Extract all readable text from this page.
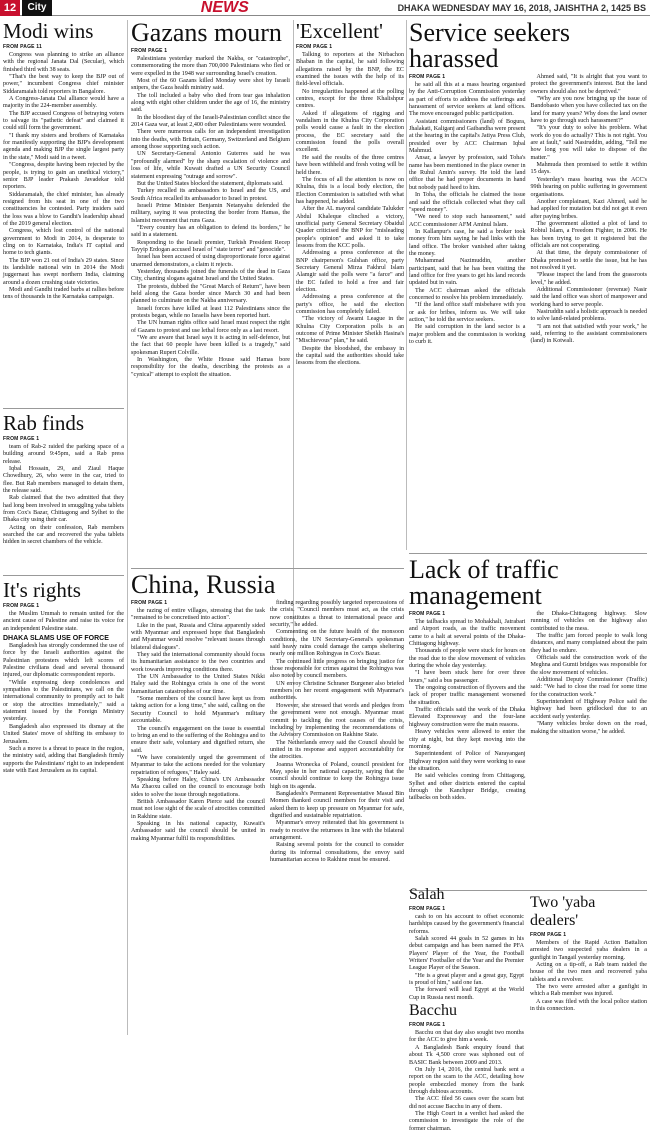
12	City	NEWS	DHAKA WEDNESDAY MAY 16, 2018, JAISHTHA 2, 1425 BS
Modi wins
FROM PAGE 11

Congress was planning to strike an alliance with the regional Janata Dal (Secular), which finished third with 38 seats.

"That's the best way to keep the BJP out of power," incumbent Congress chief minister Siddaramaiah told reporters in Bangalore.

A Congress-Janata Dal alliance would have a majority in the 224-member assembly.

The BJP accused Congress of betraying voters to salvage its "pathetic defeat" and claimed it could still form the government.

"I thank my sisters and brothers of Karnataka for manifestly supporting the BJP's development agenda and making BJP the single largest party in the state," Modi said in a tweet.

"Congress, despite having been rejected by the people, is trying to gain an unethical victory," senior BJP leader Prakash Javadekar told reporters.

Siddaramaiah, the chief minister, has already resigned from his seat in one of the two constituencies he contested. Party insiders said the loss was a blow to Gandhi's leadership ahead of the 2019 general election.

Congress, which lost control of the national government to Modi in 2014, is desperate to cling on to Karnataka, India's IT capital and home to tech giants.

The BJP won 21 out of India's 29 states. Since its landslide national win in 2014 the Modi juggernaut has swept northern India, claiming around a dozen crushing state victories.

Modi and Gandhi traded barbs at rallies before tens of thousands in the Karnataka campaign.

Rab finds
FROM PAGE 1

team of Rab-2 raided the parking space of a building around 9:45pm, said a Rab press release.

Iqbal Hossain, 29, and Ziaul Haque Chowdhury, 26, who were in the car, tried to flee. But Rab members managed to detain them, the release said.

Rab claimed that the two admitted that they had long been involved in smuggling yaba tablets from Cox's Bazar, Chittagong and Sylhet to the Dhaka city using their car.

Acting on their confession, Rab members searched the car and recovered the yaba tablets hidden in secret chambers of the vehicle.

It's rights
FROM PAGE 1

the Muslim Ummah to remain united for the ancient cause of Palestine and raise its voice for an independent Palestine state.

DHAKA SLAMS USE OF FORCE

Bangladesh has strongly condemned the use of force by the Israeli authorities against the Palestinian protesters which left scores of Palestine civilians dead and several thousand injured, our diplomatic correspondent reports.

"While expressing deep condolences and sympathies to the Palestinians, we call on the international community to promptly act to halt or stop the atrocities immediately," said a statement issued by the Foreign Ministry yesterday.

Bangladesh also expressed its dismay at the United States' move of shifting its embassy to Jerusalem.

Such a move is a threat to peace in the region, the ministry said, adding that Bangladesh firmly supports the Palestinians' right to an independent state with East Jerusalem as its capital.

Gazans mourn
FROM PAGE 1

Palestinians yesterday marked the Nakba, or "catastrophe", commemorating the more than 700,000 Palestinians who fled or were expelled in the 1948 war surrounding Israel's creation.

Most of the 60 Gazans killed Monday were shot by Israeli snipers, the Gaza health ministry said.

The toll included a baby who died from tear gas inhalation along with eight other children under the age of 16, the ministry said.

In the bloodiest day of the Israeli-Palestinian conflict since the 2014 Gaza war, at least 2,400 other Palestinians were wounded.

There were numerous calls for an independent investigation into the deaths, with Britain, Germany, Switzerland and Belgium among those supporting such action.

UN Secretary-General Antonio Guterres said he was "profoundly alarmed" by the sharp escalation of violence and loss of life, while Kuwait drafted a UN Security Council statement expressing "outrage and sorrow".

But the United States blocked the statement, diplomats said.

Turkey recalled its ambassadors to Israel and the US, and South Africa recalled its ambassador to Israel in protest.

Israeli Prime Minister Benjamin Netanyahu defended the military, saying it was protecting the border from Hamas, the Islamist movement that runs Gaza.

"Every country has an obligation to defend its borders," he said in a statement.

Responding to the Israeli premier, Turkish President Recep Tayyip Erdogan accused Israel of "state terror" and "genocide".

Israel has been accused of using disproportionate force against unarmed demonstrators, a claim it rejects.

Yesterday, thousands joined the funerals of the dead in Gaza City, chanting slogans against Israel and the United States.

The protests, dubbed the "Great March of Return", have been held along the Gaza border since March 30 and had been planned to culminate on the Nakba anniversary.

Israeli forces have killed at least 112 Palestinians since the protests began, while no Israelis have been reported hurt.

The UN human rights office said Israel must respect the right of Gazans to protest and use lethal force only as a last resort.

"We are aware that Israel says it is acting in self-defence, but the fact that 60 people have been killed is a tragedy," said spokesman Rupert Colville.

In Washington, the White House said Hamas bore responsibility for the deaths, describing the protests as a "cynical" attempt to exploit the situation.

China, Russia
FROM PAGE 1

the razing of entire villages, stressing that the task "remained to be concretised into action".

Like in the past, Russia and China apparently sided with Myanmar and expressed hope that Bangladesh and Myanmar would resolve "relevant issues through bilateral dialogues".

They said the international community should focus its humanitarian assistance to the two countries and work towards improving conditions there.

The UN Ambassador to the United States Nikki Haley said the Rohingya crisis is one of the worst humanitarian catastrophes of our time.

"Some members of the council have kept us from taking action for a long time," she said, calling on the Security Council to hold Myanmar's military accountable.

The council's engagement on the issue is essential to bring an end to the suffering of the Rohingya and to ensure their safe, voluntary and dignified return, she said.

"We have consistently urged the government of Myanmar to take the actions needed for the voluntary repatriation of refugees," Haley said.

Speaking before Haley, China's UN Ambassador Ma Zhaoxu called on the council to encourage both sides to solve the issue through negotiations.

British Ambassador Karen Pierce said the council must not lose sight of the scale of atrocities committed in Rakhine state.

Speaking in his national capacity, Kuwait's Ambassador said the council should be united in making Myanmar fulfil its responsibilities.

finding regarding possibly targeted repercussions of the crisis. "Council members must act, as the crisis now constitutes a threat to international peace and security," he added.

Commenting on the future health of the monsoon conditions, the UN Secretary-General's spokesman said heavy rains could damage the camps sheltering nearly one million Rohingyas in Cox's Bazar.

The continued little progress on bringing justice for those responsible for crimes against the Rohingya was also noted by council members.

UN envoy Christine Schraner Burgener also briefed members on her recent engagement with Myanmar's authorities.

However, she stressed that words and pledges from the government were not enough. Myanmar must commit to tackling the root causes of the crisis, including by implementing the recommendations of the Advisory Commission on Rakhine State.

The Netherlands envoy said the Council should be united in its response and support accountability for the atrocities.

Joanna Wronecka of Poland, council president for May, spoke in her national capacity, saying that the council should continue to keep the Rohingya issue high on its agenda.

Bangladesh's Permanent Representative Masud Bin Momen thanked council members for their visit and asked them to keep up pressure on Myanmar for safe, dignified and sustainable repatriation.

Myanmar's envoy reiterated that his government is ready to receive the returnees in line with the bilateral arrangement.

Raising several points for the council to consider during its informal consultations, the envoy said humanitarian access to Rakhine must be ensured.

'Excellent'
FROM PAGE 1

Talking to reporters at the Nirbachon Bhaban in the capital, he said following allegations raised by the BNP, the EC examined the issues with the help of its field-level officials.

No irregularities happened at the polling centres, except for the three Khalishpur centres.

Asked if allegations of rigging and vandalism in the Khulna City Corporation polls would cause a fault in the election process, the EC secretary said the commission found the polls overall excellent.

He said the results of the three centres have been withheld and fresh voting will be held there.

The focus of all the attention is now on Khulna, this is a local body election, the Election Commission is satisfied with what has happened, he added.

After the AL mayoral candidate Talukder Abdul Khaleque clinched a victory, unofficial party General Secretary Obaidul Quader criticised the BNP for "misleading people's opinion" and asked it to take lessons from the KCC polls.

Addressing a press conference at the BNP chairperson's Gulshan office, party Secretary General Mirza Fakhrul Islam Alamgir said the polls were "a farce" and the EC failed to hold a free and fair election.

Addressing a press conference at the party's office, he said the election commission has completely failed.

"The victory of Awami League in the Khulna City Corporation polls is an outcome of Prime Minister Sheikh Hasina's "Mischievous" plan," he said.

Despite the bloodshed, the embassy in the capital said the authorities should take lessons from the elections.

Service seekers harassed
FROM PAGE 1

he said all this at a mass hearing organised by the Anti-Corruption Commission yesterday as part of efforts to address the sufferings and harassment of service seekers at land offices. The move encouraged public participation.

Assistant commissioners (land) of Bogura, Jhalakati, Kaliganj and Gaibandha were present at the hearing in the capital's Jatiya Press Club, presided over by ACC Chairman Iqbal Mahmud.

Ansar, a lawyer by profession, said Toha's name has been mentioned in the place owner in the Ruhul Amin's survey. He told the land office that he had proper documents in hand but nobody paid heed to him.

In Toha, the officials he claimed the issue and said the officials collected what they call "speed money".

"We need to stop such harassment," said ACC commissioner AFM Aminul Islam.

In Kallanpur's case, he said a broker took money from him saying he had links with the land office. The broker vanished after taking the money.

Muhammad Nazimuddin, another participant, said that he has been visiting the land office for five years to get his land records updated but in vain.

The ACC chairman asked the officials concerned to resolve his problem immediately.

"If the land office staff misbehave with you or ask for bribes, inform us. We will take action," he told the service seekers.

He said corruption in the land sector is a major problem and the commission is working to curb it.

Ahmed said, "It is alright that you want to protect the government's interest. But the land owners should also not be deprived."

"Why are you now bringing up the issue of Bandobasto when you have collected tax on the land for many years? Why does the land owner have to go through such harassment?"

"It's your duty to solve his problem. What work do you do actually? This is not right. You are at fault," said Nasiruddin, adding, "Tell me how long you will take to dispose of the matter."

Mahmuda then promised to settle it within 15 days.

Yesterday's mass hearing was the ACC's 99th hearing on public suffering in government organisations.

Another complainant, Kazi Ahmed, said he had applied for mutation but did not get it even after paying bribes.

The government allotted a plot of land to Robiul Islam, a Freedom Fighter, in 2006. He has been trying to get it registered but the officials are not cooperating.

At that time, the deputy commissioner of Dhaka promised to settle the issue, but he has not resolved it yet.

"Please inspect the land from the grassroots level," he added.

Additional Commissioner (revenue) Nasir said the land office was short of manpower and working hard to serve people.

Nasiruddin said a holistic approach is needed to solve land-related problems.

"I am not that satisfied with your work," he said, referring to the assistant commissioners (land) in Kotwali.

Lack of traffic management
FROM PAGE 1

The tailbacks spread to Mohakhali, Jatrabari and Airport roads, as the traffic movement came to a halt at several points of the Dhaka-Chittagong highway.

Thousands of people were stuck for hours on the road due to the slow movement of vehicles during the whole day yesterday.

"I have been stuck here for over three hours," said a bus passenger.

The ongoing construction of flyovers and the lack of proper traffic management worsened the situation.

Traffic officials said the work of the Dhaka Elevated Expressway and the four-lane highway construction were the main reasons.

Heavy vehicles were allowed to enter the city at night, but they kept moving into the morning.

Superintendent of Police of Narayanganj Highway region said they were working to ease the situation.

He said vehicles coming from Chittagong, Sylhet and other districts entered the capital through the Kanchpur Bridge, creating tailbacks on both sides.

the Dhaka-Chittagong highway. Slow running of vehicles on the highway also contributed to the mess.

The traffic jam forced people to walk long distances, and many complained about the pain they had to endure.

Officials said the construction work of the Meghna and Gumti bridges was responsible for the slow movement of vehicles.

Additional Deputy Commissioner (Traffic) said: "We had to close the road for some time for the construction work."

Superintendent of Highway Police said the highway had been gridlocked due to an accident early yesterday.

"Many vehicles broke down on the road, making the situation worse," he added.

Two 'yaba dealers'
FROM PAGE 1

Members of the Rapid Action Battalion arrested two suspected yaba dealers in a gunfight in Tangail yesterday morning.

Acting on a tip-off, a Rab team raided the house of the two men and recovered yaba tablets and a revolver.

The two were arrested after a gunfight in which a Rab member was injured.

A case was filed with the local police station in this connection.

Salah
FROM PAGE 1

cash to on his account to offset economic hardships caused by the government's financial reforms.

Salah scored 44 goals in 52 games in his debut campaign and has been named the PFA Players' Player of the Year, the Football Writers' Footballer of the Year and the Premier League Player of the Season.

"He is a great player and a great guy, Egypt is proud of him," said one fan.

The forward will lead Egypt at the World Cup in Russia next month.

Bacchu
FROM PAGE 1

Bacchu on that day also sought two months for the ACC to give him a week.

A Bangladesh Bank enquiry found that about Tk 4,500 crore was siphoned out of BASIC Bank between 2009 and 2013.

On July 14, 2016, the central bank sent a report on the scam to the ACC, detailing how people embezzled money from the bank through dubious accounts.

The ACC filed 56 cases over the scam but did not accuse Bacchu in any of them.

The High Court in a verdict had asked the commission to investigate the role of the former chairman.
